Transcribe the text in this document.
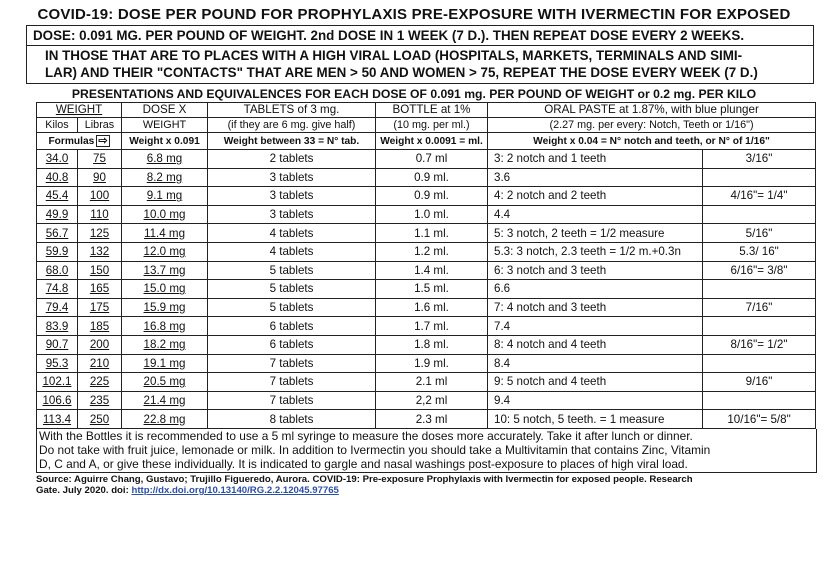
COVID-19: DOSE PER POUND FOR PROPHYLAXIS PRE-EXPOSURE WITH IVERMECTIN FOR EXPOSED
DOSE: 0.091 MG. PER POUND OF WEIGHT. 2nd DOSE IN 1 WEEK (7 D.). THEN REPEAT DOSE EVERY 2 WEEKS.
IN THOSE THAT ARE TO PLACES WITH A HIGH VIRAL LOAD (HOSPITALS, MARKETS, TERMINALS AND SIMI-
LAR) AND THEIR "CONTACTS" THAT ARE MEN > 50 AND WOMEN > 75, REPEAT THE DOSE EVERY WEEK (7 D.)
PRESENTATIONS AND EQUIVALENCES FOR EACH DOSE OF 0.091 mg. PER POUND OF WEIGHT or 0.2 mg. PER KILO
WEIGHT		DOSE X	TABLETS of 3 mg.	BOTTLE at 1%	ORAL PASTE at 1.87%, with blue plunger	
Kilos	Libras	WEIGHT	(if they are 6 mg. give half)	(10 mg. per ml.)	(2.27 mg. per every: Notch, Teeth or 1/16")	
Formulas ⇨		Weight x 0.091	Weight between 33 = N° tab.	Weight x 0.0091 = ml.	Weight x 0.04 = N° notch and teeth, or N° of 1/16"	
34.0	75	6.8 mg	2 tablets	0.7 ml	3: 2 notch and 1 teeth	3/16"
40.8	90	8.2 mg	3 tablets	0.9 ml.	3.6	
45.4	100	9.1 mg	3 tablets	0.9 ml.	4: 2 notch and 2 teeth	4/16"= 1/4"
49.9	110	10.0 mg	3 tablets	1.0 ml.	4.4	
56.7	125	11.4 mg	4 tablets	1.1 ml.	5: 3 notch, 2 teeth = 1/2 measure	5/16"
59.9	132	12.0 mg	4 tablets	1.2 ml.	5.3: 3 notch, 2.3 teeth = 1/2 m.+0.3n	5.3/ 16"
68.0	150	13.7 mg	5 tablets	1.4 ml.	6: 3 notch and 3 teeth	6/16"= 3/8"
74.8	165	15.0 mg	5 tablets	1.5 ml.	6.6	
79.4	175	15.9 mg	5 tablets	1.6 ml.	7: 4 notch and 3 teeth	7/16"
83.9	185	16.8 mg	6 tablets	1.7 ml.	7.4	
90.7	200	18.2 mg	6 tablets	1.8 ml.	8: 4 notch and 4 teeth	8/16"= 1/2"
95.3	210	19.1 mg	7 tablets	1.9 ml.	8.4	
102.1	225	20.5 mg	7 tablets	2.1 ml	9: 5 notch and 4 teeth	9/16"
106.6	235	21.4 mg	7 tablets	2,2 ml	9.4	
113.4	250	22.8 mg	8 tablets	2.3 ml	10: 5 notch, 5 teeth. = 1 measure	10/16"= 5/8"
With the Bottles it is recommended to use a 5 ml syringe to measure the doses more accurately. Take it after lunch or dinner.
Do not take with fruit juice, lemonade or milk. In addition to Ivermectin you should take a Multivitamin that contains Zinc, Vitamin
D, C and A, or give these individually. It is indicated to gargle and nasal washings post-exposure to places of high viral load.
Source: Aguirre Chang, Gustavo; Trujillo Figueredo, Aurora. COVID-19: Pre-exposure Prophylaxis with Ivermectin for exposed people. Research
Gate. July 2020. doi: http://dx.doi.org/10.13140/RG.2.2.12045.97765
